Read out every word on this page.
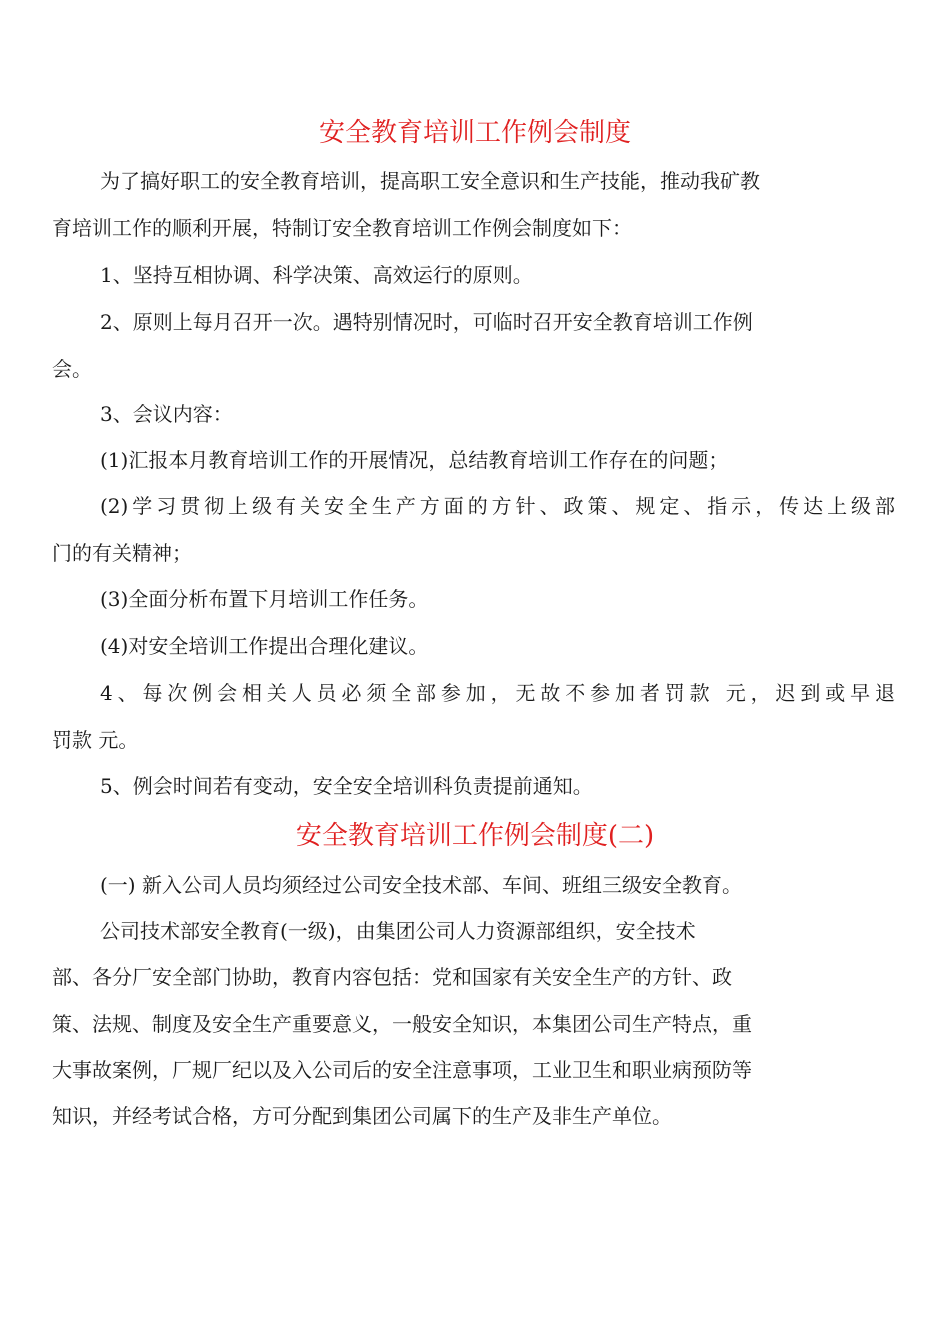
安全教育培训工作例会制度
为了搞好职工的安全教育培训，提高职工安全意识和生产技能，推动我矿教
育培训工作的顺利开展，特制订安全教育培训工作例会制度如下：
1、坚持互相协调、科学决策、高效运行的原则。
2、原则上每月召开一次。遇特别情况时，可临时召开安全教育培训工作例
会。
3、会议内容：
(1)汇报本月教育培训工作的开展情况，总结教育培训工作存在的问题；
(2)学习贯彻上级有关安全生产方面的方针、政策、规定、指示，传达上级部
门的有关精神；
(3)全面分析布置下月培训工作任务。
(4)对安全培训工作提出合理化建议。
4、每次例会相关人员必须全部参加，无故不参加者罚款 元，迟到或早退
罚款 元。
5、例会时间若有变动，安全安全培训科负责提前通知。
安全教育培训工作例会制度(二)
(一) 新入公司人员均须经过公司安全技术部、车间、班组三级安全教育。
公司技术部安全教育(一级)，由集团公司人力资源部组织，安全技术
部、各分厂安全部门协助，教育内容包括：党和国家有关安全生产的方针、政
策、法规、制度及安全生产重要意义，一般安全知识，本集团公司生产特点，重
大事故案例，厂规厂纪以及入公司后的安全注意事项，工业卫生和职业病预防等
知识，并经考试合格，方可分配到集团公司属下的生产及非生产单位。
